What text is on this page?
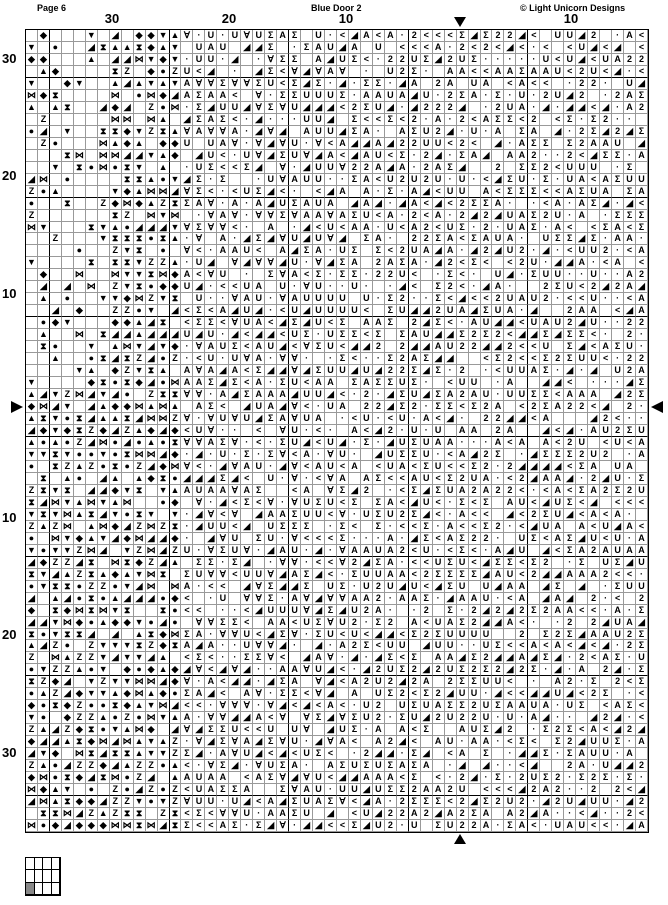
Page 6	Blue Door 2	© Light Unicorn Designs
30	20	10	10
30
20
10
10
20
30
◆	▼ ◢	◆ ◆ ▼ ▲ Ɐ · U · U Ɐ U Σ A Σ	U · < ◢ A < A · 2 < < < Σ ◢ Σ 2 2 ◢ <	U U ◢ 2	· A <
▼	●	◢ ⧗ ▲ ▲ ⧗ ◆ ▲ ▼ U A U	◢ ◢ Σ	· Σ A U ◢ A	U	< < < A · 2 < 2 < ◢ < · <	< U ◢ < ◢	<
◆ ◆	▲ ◢ ◢ ⋈ ▼ ◆ ▼ · U U · ◢	· Ɐ Σ Σ	A ◢ U Σ < · 2 2 U Σ ◢ 2 U Σ · · · · · U < U ◢ < U A 2 2
▲ ◆	⧗ Z	◆ ● Z U < ◢	·	◢ Σ < Ɐ ◢ Ɐ A Ɐ	·	U 2 Σ ·	A A < < A A Σ A A U < 2 U < ◢ · <
▼	◆ ▼	▲ ◢ ▲ ▼ ▲ ▼ A Ɐ Ɐ Σ Ɐ Ɐ Σ U < Σ ◢ Σ · ◢ · Σ Σ · ◢ A	2 A	U A	< A < <	· 2 2 ·	U ◢
⋈ ◆ ⧗	⋈	● ⋈ ◆ ◢ A Σ A A <	Ɐ · Σ Σ U U U Σ · A A U A ◢ U · 2 Σ A · Σ · U · 2 U ◢ 2	· 2 A Σ
▲ ▲ ⧗	◢ ◆ ◢	Z ● ⋈ · Σ ◢ U U ◢ Ɐ Σ Ɐ U ◢ ◢ ◢ < 2 Σ U ◢ · ◢ 2 2 2 ◢	· 2 U A · ◢ · ◢ ◢ < ◢ · A 2
Z	⋈ ⋈ ⋈ ▲ ◢ Σ A Σ < · ◢ · · · U U ◢	Σ < < Σ < 2 · A · 2 < A Σ Σ < 2	< Σ · Σ 2 · ·
● ◢	▼	⧗ ⧗ ◆ ▼ Z ⧗ ▲ Ɐ A Ɐ Ɐ A · ◢ Ɐ ◢	A U U ◢ Σ A ·	A Σ U 2 ◢ · U · A	Σ A	◢ · 2 Σ ◢ 2 ◢ Σ
Z ●	⋈ ▲ ◆ ▲ ◆ ◆ U	U A Ɐ · Ɐ ◢ Ɐ U · Ɐ < A ◢ ◢ A ◢ 2 2 U U < 2 <	◢ · A Σ Σ	Σ 2 A A U	◢
⧗ ⋈ ⋈ ⋈ ◢ ◢ ▼ ▲ ◆	◢ U < · U Ɐ ◢ Σ U Ɐ ◢ A < ◢ A U < Σ · 2 ◢ · Σ A ◢	A A 2 · · 2 < ◢ Σ Σ · A
▼ ⧗ ● ⋈ ● ⧗ ▼ ▲	· U Σ < < Σ ◢	Ɐ · ◢ U U Ɐ 2 2 A ◢ A · 2 A Σ ◢	2	Σ Σ 2 < U U U	· Σ
◢ ⋈	●	⧗ ⧗ ▲ ● ▼ ◢ Σ · Σ	· U Ɐ A U U · · Σ A < U 2 U 2 U · U · < ◢ Σ U · Σ · U A < A Σ U U
Z ● ▲	▼ ◆ ▲ ⋈ ⋈ ◢ Ɐ Σ < · < U Σ ◢ < ·	< ◢ A	A · Σ · A ◢ < U U	A < Σ Σ Σ < < A Σ U A	Σ A
●	⧗	Z ◆ ⋈ ◆ ▲ Z ⧗ Σ A Ɐ · A · A ◢ U Σ A U A	◢ A ◢ · ◢ A < ◢ < 2 Σ Σ A ·	· < A · A Σ ◢ · ◢ <
Z	⧗ Z	⋈ ▼ ⋈	· Ɐ A Ɐ · Ɐ Ɐ Σ Ɐ A A Ɐ A Σ U < A · 2 < A · 2 ◢ 2 ◢ U A Σ 2 U · A	· Σ Σ Σ
⋈ ▼	⧗ ▼ ▲ ● ◢ ◢ ◢ ▼ Ɐ Σ Ɐ Ɐ < ·	A	· ◢ < U < A A · U < A 2 < U Σ · 2 · U A Σ · A <	< Σ A < Σ
Z	▼ ⧗ ⧗ ⧗ ● ⧗ ▲ · Ɐ	A · ◢ Σ ◢ Ɐ U ◢ U Ɐ ◢	Σ A ·	2 2 Σ A < Σ A U A ·	U Σ Σ ◢ Σ · A A ·
●	Z ▼ ⧗	●	Ɐ < · A A U <	A ◢ Σ A · U Σ	Σ < 2 U A ◢ A · ◢ 2 ◢ U 2 · ◢ · < U U 2 · < A
▼	⧗	⧗ ⧗ ▼ Z Z ▲ · U ◢	Ɐ ◢ Ɐ Ɐ ◢ U · Ɐ ◢ Σ A	2 A Σ A · ◢ 2 < Σ <	< 2 U · ◢ ◢ A · < A	<
◆	⋈	⋈ ▼ ▼ ⧗ ⋈ ◆ A < Ɐ U	·	Σ Ɐ A < Σ · Σ Σ · 2 2 U <	· Σ < ·	U ◢ · Σ U U · · U · · A 2
◢	◢	⋈	Z ▼ ⧗ ● ◆ ◆ U ◢ · < < U A	U · Ɐ U · · U ·	· ◢ <	Σ 2 < · ◢ A ·	2 Σ U < 2 ◢ 2 A ◢
▲	●	▼ ▼ ◆ ⋈ Z ▼ ⧗	U · · Ɐ A U · Ɐ A U U U U	U · Σ 2 · · Σ < ◢ < < 2 U A U 2 · < < U · · < A
◢	◆	Z Z ● ▼ ◢ < Σ < A ◢ U ◢ · < U ◢ U U U U <	Σ U ◢ ◢ 2 U A ◢ Σ U A · ◢	2 A A	< ◢ A
● ◆ ▼	◆ ◆ ▲ ◢ ⧗	< Σ Σ < Ɐ U A < ◢ Σ ◢ U < Σ	A A Σ	2 ◢ Σ < · A U ◢ ◢ < U A U 2 ◢ U · · 2 2
▲	⋈ ⧗ ◢ ◢ ▲ ◢ ◢ ◢ U ◢ U · ◢ < ◢ ◢ < U Σ · U Σ Σ < Σ	Σ A U ◢ ◢ Σ 2 Σ 2 < ◢ ◢ Σ ◢ Σ Σ < ·	2 ·
⧗ ●	▼ ▲ ⋈ ▼ ◢ ▼ ◆ · Ɐ A U Σ < A U ◢ < Ɐ Σ U < ◢ ◢ 2	2 ◢ ◢ A U 2 2 ◢ ◢ 2 < < U	Σ ◢ < A Σ U ·
▲	● ⧗ ◢ ⧗ Z ◢ ● Z · < U · U Ɐ A · Ɐ Ɐ ·	· Σ < · · Σ 2 A Σ ◢ ◢	< Σ 2 < < Σ 2 Σ U U < · 2 2
▼ ▲ ◆ Z ▼ ⧗ ▲ A Ɐ A ◢ A < Σ ◢ ◢ Ɐ ◢ Σ U U ◢ U ◢ 2 2 Σ ◢ Σ · 2	· < U U A Σ · ◢ · ◢	U 2 A
▼	◆ ⧗ ● ⧗ ◆ ◢ ● ⋈ A A Σ ◢ Σ < A · Σ U < A A	Σ A Σ Σ U Σ ·	< U U	· A	◢ ◢ <	· · · ◢ Σ
▲ ◢ ▼ Z ⋈ ◢ ▼ ◢ ●	Z ⧗ ⧗ Ɐ Ɐ · A ◢ Σ A A A ◢ U U ◢ < · 2 · ◢ Σ U ◢ Σ A 2 A U · U U Σ Σ < A A A	◢ 2 Σ
◆ ⋈ ◢ ▼ ◢ ▲ ◆ ◆ ⋈ ▲ ⋈ ▲ A Σ <	◢ U A ◢ Ɐ < · U A	2 2 ◢ Σ 2 · Σ Σ < Σ 2 A	< 2 Σ A 2 2 < ◢	2 ·
▲ ⧗ ▼ ● ⧗ ◢ ▲ ▲ ⧗ ◢ ⋈ ⋈ Z Ɐ · Ɐ U Ɐ U ◢ Σ A Ɐ U A	· < U · < U · A < ◢ ·	2 2 ◢ ◢ < A	◢ 2 < · ·
◢ ◆ ▼ ◆ ⧗ Z ◆ ◢ Z ▲ ◆ ◢ ◆ < U Ɐ · ·	<	Ɐ U · < ·	A < ◢ 2 · U · U	A A	2 A	◢ < ◢ · A U 2 Σ U
▲ ● ▲ ● Z ◢ ⋈ ● ◢ ● ▲ ● ⧗ Ɐ Ɐ A Σ Ɐ · < · Σ U ◢ < U ◢ · Σ · ◢ U Σ U A A · · · A < A	A < 2 U	< U < A
▼ ▼ ⧗ ▼ ● ● ▼ ● ⧗ ⋈ ⋈ ◢ ◆ · ◢ · U · Σ · Σ Ɐ < A · Ɐ U ·	◢ U Σ Σ U · < A ◢ 2 Σ	· ◢ Σ Σ Σ 2 U 2	· A
●	⧗ Z ▲ Z ● ⧗ ● Z ◢ ◆ ⋈ Ɐ < · ◢ Ɐ A U · ◢ Ɐ < A U < A	< U A < Σ U < < Σ 2 · 2 ◢ ◢ ◢ ◢ < Σ A	U A
⧗	▲ ●	◢ ▲ ▲ ◆ ⧗ ● ◢ ◢ ◢ Σ ◢ <	U · Ɐ · < Ɐ A	A Σ < < A U < Σ 2 U A · < 2 ◢ A A ◢ · 2 ◢ U · Σ
Z ⧗ ▼ ⧗	◢ ◢ ◆ ▼ ⧗	▼ ▲ A U A A Ɐ A Σ	< A	Ɐ Σ ◢ 2	· < Σ ◢ Σ U A 2 A 2 2 < · < A < Σ A 2 Σ 2 U
⧗ ◢ ⋈ ▼ ▲ ⋈ ▼ ▲ ⋈	● ◆	Ɐ · ◢ < Σ < Ɐ · Ɐ U Σ U < Σ	Σ A < ◢ U < · Σ < Σ	A U < ◢ U Σ < ◢	< < <
▼ ⧗ ▼ ⋈ ▲ ⧗ ◢ ▼ ● ⧗ ▼ ▼ · ◢ Ɐ < Ɐ	◢ A A Σ U U < Ɐ · U Σ U 2 Σ ◢ < · A < <	◢ < 2 Σ U ◢ < A < A ·
Z ▲ Z ⋈ ▲ ⋈ ◆ ◢ Z ⋈ Z ⧗ · ◢ U U < ◢	U Σ Σ Σ	· Σ <	Σ · < < Σ · A < < Σ 2 · < ◢ U A	A < U ◢ A <
●	⋈ ▼ ◆ ▲ ▼ ◢ ◆ ⋈ ◢ ◢ ◆ ·	◢ Ɐ U	Σ U · Ɐ < < < Σ · · · A · ◢ Σ < A Σ 2 2 ·	U Σ < A Σ ◢ U < U · A
▼ ● ▼ ▼ Z ⋈ ◢	▼ Z ⋈ ◢ Z U · Ɐ Σ U Ɐ · ◢ A U · ◢ · Ɐ A A U A 2 < U · < Σ < · A ◢ U	◢ < Σ A 2 A U A A
◢ ◆ Z Z ◢ ⧗	⋈ ⧗ ◆ Z ◢ ▲	Σ Σ · Σ ◢	· Ɐ Ɐ · < < Ɐ 2 ◢ Σ A · < < U Σ U < ◢ Σ Σ < Σ 2	· Σ	U Σ ◢ U
⧗ ▼ ◢ ▲ Z ⧗ ▲ ◆ ▲ ▼ ⋈ ⧗	Σ U Ɐ Ɐ < U U Ɐ ◢ A Σ ◢ < · Σ U U A A < 2 Σ Σ Σ Σ ◢ A U < 2 ◢ ◢ A A A 2 < < ·
● ▼ ⧗ ⧗ ● Z Z ● ▼ ◢ ⋈ ⋈ A · < <	◢ Ɐ Σ ◢ ◢ Σ	U Σ · U 2 U ◢ U < ◢ Σ U	U ◢ A A	◢ Σ	◢	· Σ U U
◢	▲ ◢ ● ⧗ ● ▲ ◢ ◢ ◢ ● ◆ <	· U	Ɐ Ɐ Σ · A Ɐ ◢ Ɐ Ɐ A A 2 · A A Σ · ◢ A A U · < A	◢ A ◢	2 · <	2
◆	⧗ ◆ ⋈ ⧗ ⋈ ▼ ⧗	⧗ ● < <	· · < ◢ U U U Ɐ ◢ Σ ◢ U 2 A ·	· 2	Σ · 2 ◢ 2 ◢ 2 Σ 2 A A < < · A · Σ
◢ ◢ ▼ ⋈ ◆ ● ▲ ◆ ◆ ▼ ● ◢ ●	Ɐ Ɐ Σ Σ <	A A < U Σ Ɐ U 2 · Σ 2	A < U A Σ 2 ◢ ◢ A < ·	· 2	2 ◢ U A ◢
⧗ ● ▼ ⧗ ⧗ ◢	◢	▲ ⧗ ◆ ⋈ Σ A · Ɐ Ɐ U < ◢ Σ Ɐ · Σ U < U < ◢ ◢ < Σ 2 Σ U U U U	2	Σ 2 Σ ◢ A A U 2 Σ
▲ ◢ Z ●	Z ▼ ▼ ▼ ⧗ Z ◆ ⧗ A ◢ A · · U Ɐ Ɐ ◢ ·	◢ · A 2 Σ < U U	◢ U U · · U Σ < < A < A < ◢ < ◢ · 2 Σ
Z	⋈ ▲ Z Z ▼ ◢ ▼ ▼ ◢ ▲	< Σ < · · Σ Σ Ɐ <	◢ A Ɐ · ◢ · ◢ Σ < Σ	A A ◢ Σ 2 ◢ ◢ A ◢ Σ ◢ · 2 < A Σ · U
● ▼ Z Z ▲ ● ▼ ◆ ● ◆ ▲ ◆ ◢ Ɐ < ◢ Ɐ ◢ · · A A Ɐ U ◢ < · ◢ 2 U Σ 2 ◢ 2 U Σ 2 Σ 2 ◢ 2 Σ · ◢ · A	2 ◢ · Σ
⧗ Z ◆ ◢	▼ Z ▼ ▼ ⋈ ⋈ ◢ ◆ Ɐ · A < ◢ ◢ · ◢ Σ A	Ɐ ◢ < A 2 U 2 ◢ 2 A	2 Σ Σ U U <	·	A 2 · Σ	2 < Σ
● ▲ Z ◢ ◆ ▼ ▼ ▲ ◆ ⋈ ▲ ◆ ● Σ A ◢ <	A Ɐ · Σ Σ < Ɐ ◢	A	U Σ 2 < Σ 2 ◢ U U · ◢ < < ◢ ◢ U ◢ < 2 Σ	· <
◆ ● ⧗ ◆ Z ● ● ⧗ ◆ ▲ ▼ ⋈ ◢ < < · Ɐ Ɐ Ɐ · Ɐ ◢ < ◢ < A < · U 2	U Σ U A Σ Σ 2 U Σ A A U A · U Σ	< A Σ <
▼ ●	◆ Z Z ▲ ● Z ● ⋈ ▼ ▲ A · Ɐ Ɐ ◢ ◢ A < Ɐ	Ɐ Σ ◢ Ɐ Σ U 2 · Σ U ◢ 2 U 2 2 U · U · A ◢ · ·	◢ 2 ◢ · <
Z ▲ ◢ Z ◆ ⧗ ● ▼ ▲ ⋈ ◆	◢ Ɐ ◢ Σ Σ U < < U	U Ɐ	◢ U Σ · A	A < Σ	A U Σ ◢ 2	· Σ 2 Σ < A < ◢ 2 ◢
◆ ◢ ◢ ▲ ⧗ ◆ ⋈ ◢ ⋈ ▲ ▼ ▲ Z · Ɐ ◢ Σ Ɐ A ◢ Σ Ɐ U · ◢ Ɐ A <	A 2 ◢ <	A U · A A · < Σ <	Σ 2 ◢ U U Σ · A
◢ ▼ ◆	⋈ ⧗ ◢ ⧗ ⧗ ▲ ▼ ▼ Z Σ ◢ · A Ɐ U ◢ < ◢ < U Σ <	· 2 ◢ ◢ · Σ ◢	< A	Σ	· ◢ ◢ Σ · Σ A U U · A
Z ▲ ● ◢ Z Z ◆ ◢ ▲ Z Z ● ▲ < · Ɐ Σ ◢ · Ɐ U Σ A ·	A Σ U Σ U Σ A Σ A	· ◢	◢ · · < ◢	2 A · U ◢ ◢ 2
◆ ⋈ ● ⧗ ◆ ◢ ⧗ ⋈ ● Z ◢	▲ A U A A	< A Σ Ɐ ◢ Ɐ U < ◢ ◢ A A A < Σ	< · 2 ◢ · Σ · 2 U Σ 2 · Σ 2 Σ · Σ ·
⋈ ◆ ▲ ▼	●	Z ● ◢ Z ● Z < U A Σ Σ A	Σ Ɐ A U · U U ◢ U Σ Σ 2 A A 2 U	< < < ◢ 2 A 2 · · 2	2 < ◢
◢ ⋈ ▲ ⧗ ◆ ◆ ◢ Z Z ▼ ● ▼ Z Ɐ U U · U ◢ < A ◢ Σ U A Σ Ɐ < ◢ A · 2 Σ Σ Σ < 2 ◢ Σ 2 U 2 · ◢ 2 U ◢ U U · ◢ 2
⧗ ⧗ ⋈ ◢ Z ▲ Z ⧗ ⧗	Z ⧗ < Σ < Ɐ Ɐ U · A A Σ U	◢	< U ◢ 2 2 A 2 ◢ A 2 Σ A	A 2 ◢ A · · < ◢ · · 2 <
⋈ ● ◆ ◢ ◆ ◆ ◆ ⋈ ⋈ ⧗ ⋈ ◢ ⧗ Σ < < A Σ · Σ ◢ Ɐ · ◢ ◢ < < Σ ◢ U 2 · U	Σ U 2 2 A · Σ A < · U A U < < · ◢ A
